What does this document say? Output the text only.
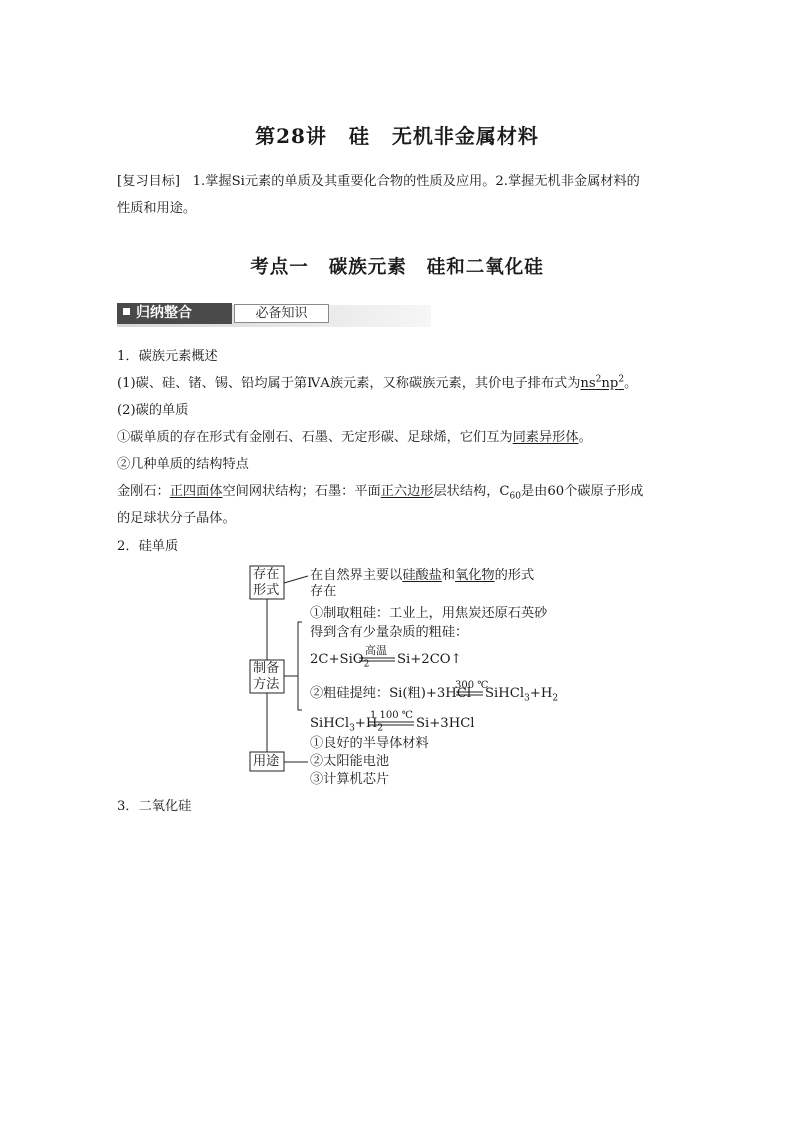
第28讲 硅 无机非金属材料
[复习目标] 1.掌握Si元素的单质及其重要化合物的性质及应用。2.掌握无机非金属材料的
性质和用途。
考点一 碳族元素 硅和二氧化硅
归纳整合	必备知识
1．碳族元素概述
(1)碳、硅、锗、锡、铅均属于第ⅣA族元素，又称碳族元素，其价电子排布式为$ns^2np^2$。
(2)碳的单质
①碳单质的存在形式有金刚石、石墨、无定形碳、足球烯，它们互为同素异形体。
②几种单质的结构特点
金刚石：正四面体空间网状结构；石墨：平面正六边形层状结构，$C_{60}$是由60个碳原子形成
的足球状分子晶体。
2．硅单质
存在
形式
在自然界主要以硅酸盐和氧化物的形式
存在
①制取粗硅：工业上，用焦炭还原石英砂
得到含有少量杂质的粗硅：
高温
2C+SiO$_2$ Si+2CO↑
制备
方法	300 ℃
②粗硅提纯：Si(粗)+3HCl $SiHCl_3+H_2$
1 100 ℃
$SiHCl_3+H_2$ Si+3HCl
①良好的半导体材料
用途 ②太阳能电池
③计算机芯片
3．二氧化硅
